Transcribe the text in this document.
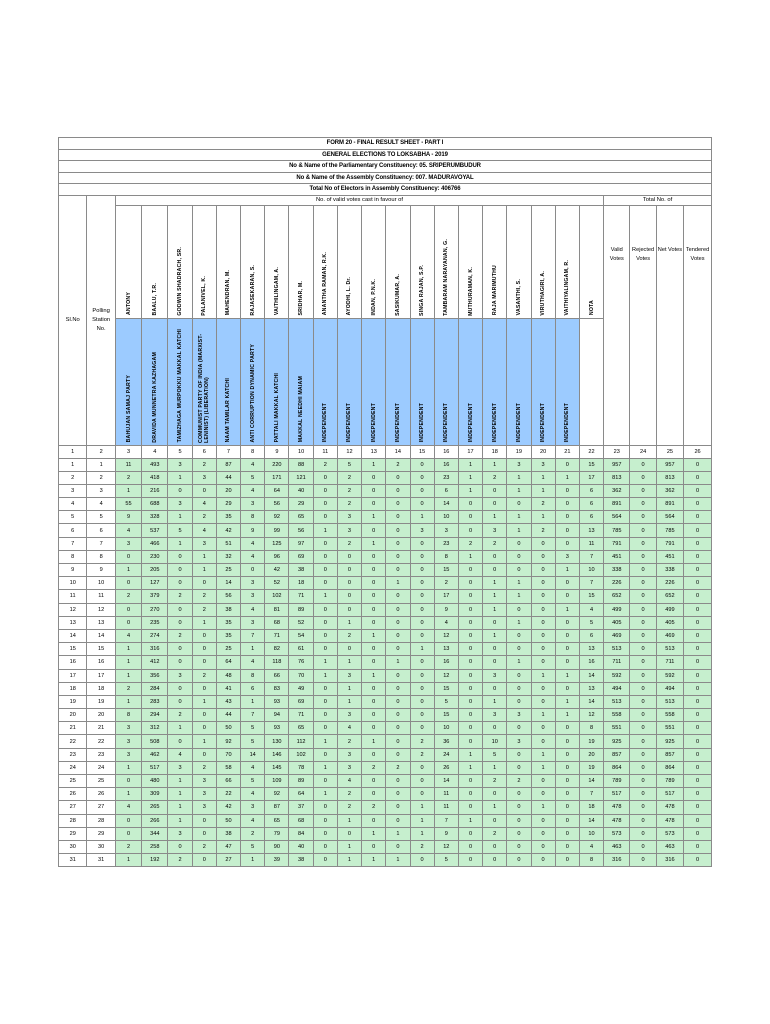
FORM 20 - FINAL RESULT SHEET - PART I																									
GENERAL ELECTIONS TO LOKSABHA - 2019																									
No & Name of the Parliamentary Constituency: 05. SRIPERUMBUDUR																									
No & Name of the Assembly Constituency: 007. MADURAVOYAL																									
Total No of Electors in Assembly Constituency: 406766																									
Sl.No	Polling Station No.	No. of valid votes cast in favour of																				Total No. of			
		ANTONY	BAALU, T.R.	GODWIN SHADRACH, SR.	PALANIVEL, K.	MAHENDRAN, M.	RAJASEKARAN, S.	VAITHILINGAM, A.	SRIDHAR, M.	ANANTHA RAMAN, R.K.	AYODHI, L. Dr.	INDAN, P.N.K.	SASIKUMAR, A.	SINGA RAJAN, S.P.	TAMBARAM NARAYANAN, G.	MUTHURAMAN, K.	RAJA MARIMUTHU	VASANTHI, S.	VIRUTHAGIRI, A.	VAITHIYALINGAM, R.	NOTA	Valid Votes	Rejected Votes	Net Votes	Tendered Votes
		BAHUJAN SAMAJ PARTY	DRAVIDA MUNNETRA KAZHAGAM	TAMIZHAGA MURPOKKU MAKKAL KATCHI	COMMUNIST PARTY OF INDIA (MARXIST-LENINIST) (LIBERATION)	NAAM TAMILAR KATCHI	ANTI CORRUPTION DYNAMIC PARTY	PATTALI MAKKAL KATCHI	MAKKAL NEEDHI MAIAM	INDEPENDENT	INDEPENDENT	INDEPENDENT	INDEPENDENT	INDEPENDENT	INDEPENDENT	INDEPENDENT	INDEPENDENT	INDEPENDENT	INDEPENDENT	INDEPENDENT					
1	2	3	4	5	6	7	8	9	10	11	12	13	14	15	16	17	18	19	20	21	22	23	24	25	26
1	1	11	493	3	2	87	4	220	88	2	5	1	2	0	16	1	1	3	3	0	15	957	0	957	0
2	2	2	418	1	3	44	5	171	121	0	2	0	0	0	23	1	2	1	1	1	17	813	0	813	0
3	3	1	216	0	0	20	4	64	40	0	2	0	0	0	6	1	0	1	1	0	6	362	0	362	0
4	4	55	688	3	4	29	3	56	29	0	2	0	0	0	14	0	0	0	2	0	6	891	0	891	0
5	5	9	328	1	2	35	8	92	65	0	3	1	0	1	10	0	1	1	1	0	6	564	0	564	0
6	6	4	537	5	4	42	9	99	56	1	3	0	0	3	3	0	3	1	2	0	13	785	0	785	0
7	7	3	466	1	3	51	4	125	97	0	2	1	0	0	23	2	2	0	0	0	11	791	0	791	0
8	8	0	230	0	1	32	4	96	69	0	0	0	0	0	8	1	0	0	0	3	7	451	0	451	0
9	9	1	205	0	1	25	0	42	38	0	0	0	0	0	15	0	0	0	0	1	10	338	0	338	0
10	10	0	127	0	0	14	3	52	18	0	0	0	1	0	2	0	1	1	0	0	7	226	0	226	0
11	11	2	379	2	2	56	3	102	71	1	0	0	0	0	17	0	1	1	0	0	15	652	0	652	0
12	12	0	270	0	2	38	4	81	89	0	0	0	0	0	9	0	1	0	0	1	4	499	0	499	0
13	13	0	235	0	1	35	3	68	52	0	1	0	0	0	4	0	0	1	0	0	5	405	0	405	0
14	14	4	274	2	0	35	7	71	54	0	2	1	0	0	12	0	1	0	0	0	6	469	0	469	0
15	15	1	316	0	0	25	1	82	61	0	0	0	0	1	13	0	0	0	0	0	13	513	0	513	0
16	16	1	412	0	0	64	4	118	76	1	1	0	1	0	16	0	0	1	0	0	16	711	0	711	0
17	17	1	356	3	2	48	8	66	70	1	3	1	0	0	12	0	3	0	1	1	14	592	0	592	0
18	18	2	284	0	0	41	6	83	49	0	1	0	0	0	15	0	0	0	0	0	13	494	0	494	0
19	19	1	283	0	1	43	1	93	69	0	1	0	0	0	5	0	1	0	0	1	14	513	0	513	0
20	20	8	294	2	0	44	7	94	71	0	3	0	0	0	15	0	3	3	1	1	12	558	0	558	0
21	21	3	312	1	0	50	5	93	65	0	4	0	0	0	10	0	0	0	0	0	8	551	0	551	0
22	22	3	508	0	1	92	5	130	112	1	2	1	0	2	36	0	10	3	0	0	19	925	0	925	0
23	23	3	462	4	0	70	14	146	102	0	3	0	0	2	24	1	5	0	1	0	20	857	0	857	0
24	24	1	517	3	2	58	4	145	78	1	3	2	2	0	26	1	1	0	1	0	19	864	0	864	0
25	25	0	480	1	3	66	5	109	89	0	4	0	0	0	14	0	2	2	0	0	14	789	0	789	0
26	26	1	309	1	3	22	4	92	64	1	2	0	0	0	11	0	0	0	0	0	7	517	0	517	0
27	27	4	265	1	3	42	3	87	37	0	2	2	0	1	11	0	1	0	1	0	18	478	0	478	0
28	28	0	266	1	0	50	4	65	68	0	1	0	0	1	7	1	0	0	0	0	14	478	0	478	0
29	29	0	344	3	0	38	2	79	84	0	0	1	1	1	9	0	2	0	0	0	10	573	0	573	0
30	30	2	258	0	2	47	5	90	40	0	1	0	0	2	12	0	0	0	0	0	4	463	0	463	0
31	31	1	192	2	0	27	1	39	38	0	1	1	1	0	5	0	0	0	0	0	8	316	0	316	0
